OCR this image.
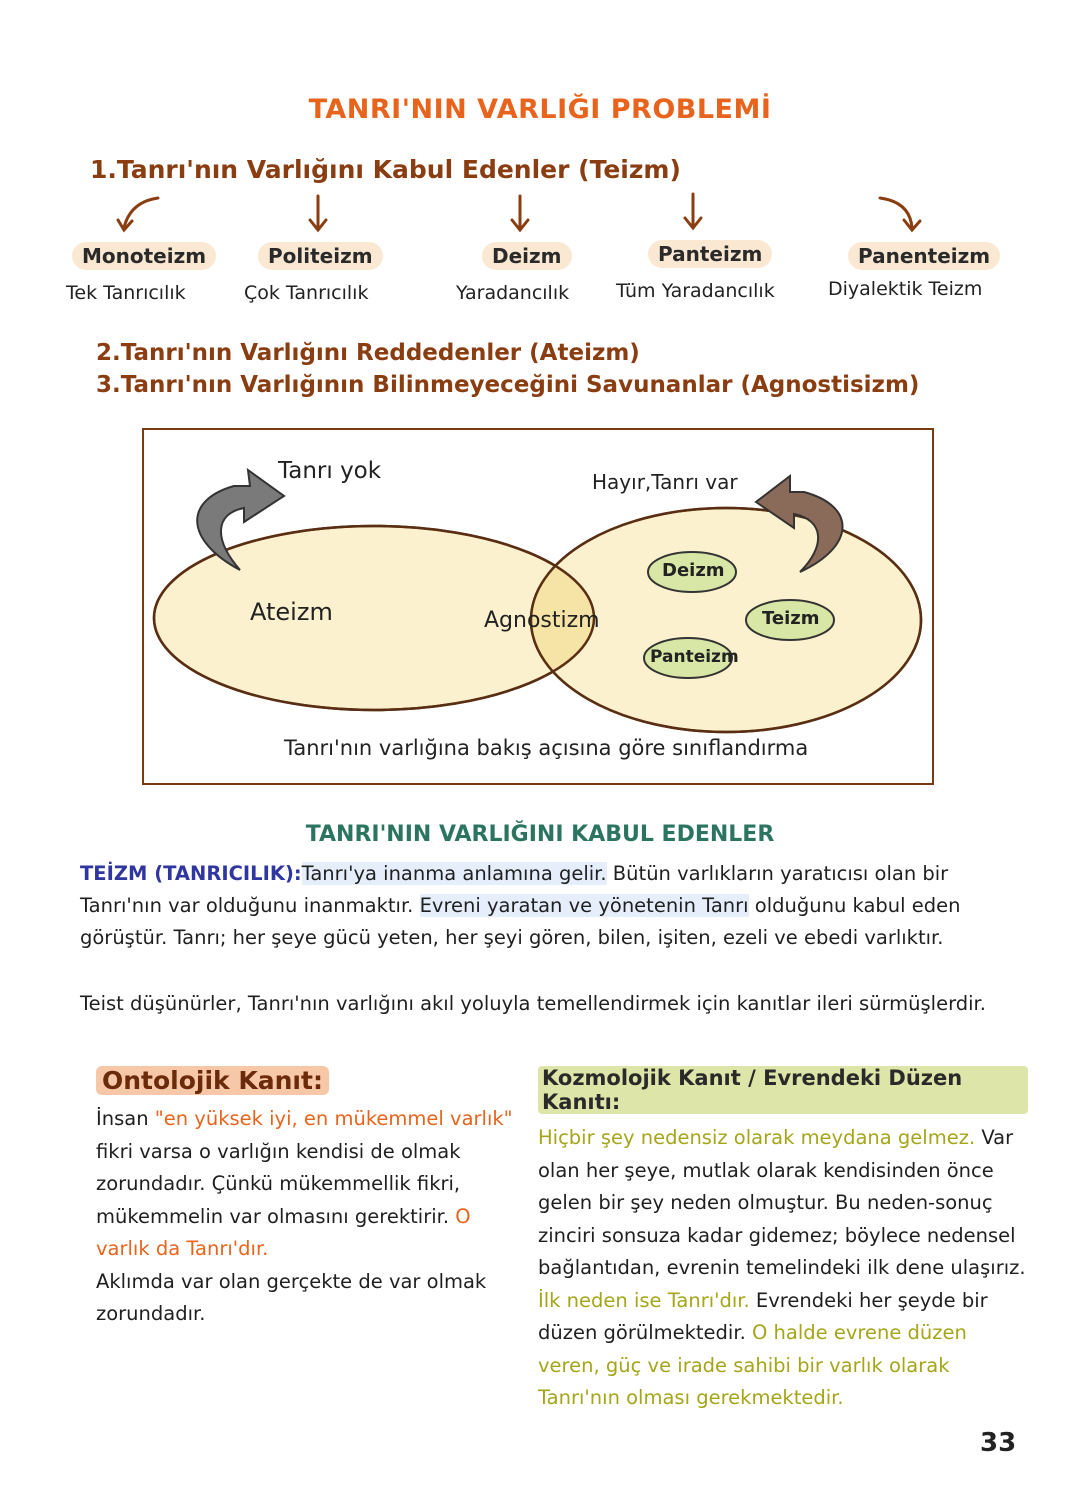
TANRI'NIN VARLIĞI PROBLEMİ
1.Tanrı'nın Varlığını Kabul Edenler (Teizm)
Monoteizm
Tek Tanrıcılık
Politeizm
Çok Tanrıcılık
Deizm
Yaradancılık
Panteizm
Tüm Yaradancılık
Panenteizm
Diyalektik Teizm
2.Tanrı'nın Varlığını Reddedenler (Ateizm)
3.Tanrı'nın Varlığının Bilinmeyeceğini Savunanlar (Agnostisizm)
Tanrı yok	Hayır,Tanrı var
Ateizm	Agnostizm
Deizm
Teizm
Panteizm
Tanrı'nın varlığına bakış açısına göre sınıflandırma
TANRI'NIN VARLIĞINI KABUL EDENLER
TEİZM (TANRICILIK):Tanrı'ya inanma anlamına gelir. Bütün varlıkların yaratıcısı olan bir Tanrı'nın var olduğunu inanmaktır. Evreni yaratan ve yönetenin Tanrı olduğunu kabul eden görüştür. Tanrı; her şeye gücü yeten, her şeyi gören, bilen, işiten, ezeli ve ebedi varlıktır.
Teist düşünürler, Tanrı'nın varlığını akıl yoluyla temellendirmek için kanıtlar ileri sürmüşlerdir.
Ontolojik Kanıt:
İnsan "en yüksek iyi, en mükemmel varlık" fikri varsa o varlığın kendisi de olmak zorundadır. Çünkü mükemmellik fikri, mükemmelin var olmasını gerektirir. O varlık da Tanrı'dır.
Aklımda var olan gerçekte de var olmak zorundadır.
Kozmolojik Kanıt / Evrendeki Düzen Kanıtı:
Hiçbir şey nedensiz olarak meydana gelmez. Var olan her şeye, mutlak olarak kendisinden önce gelen bir şey neden olmuştur. Bu neden-sonuç zinciri sonsuza kadar gidemez; böylece nedensel bağlantıdan, evrenin temelindeki ilk dene ulaşırız. İlk neden ise Tanrı'dır. Evrendeki her şeyde bir düzen görülmektedir. O halde evrene düzen veren, güç ve irade sahibi bir varlık olarak Tanrı'nın olması gerekmektedir.
33
